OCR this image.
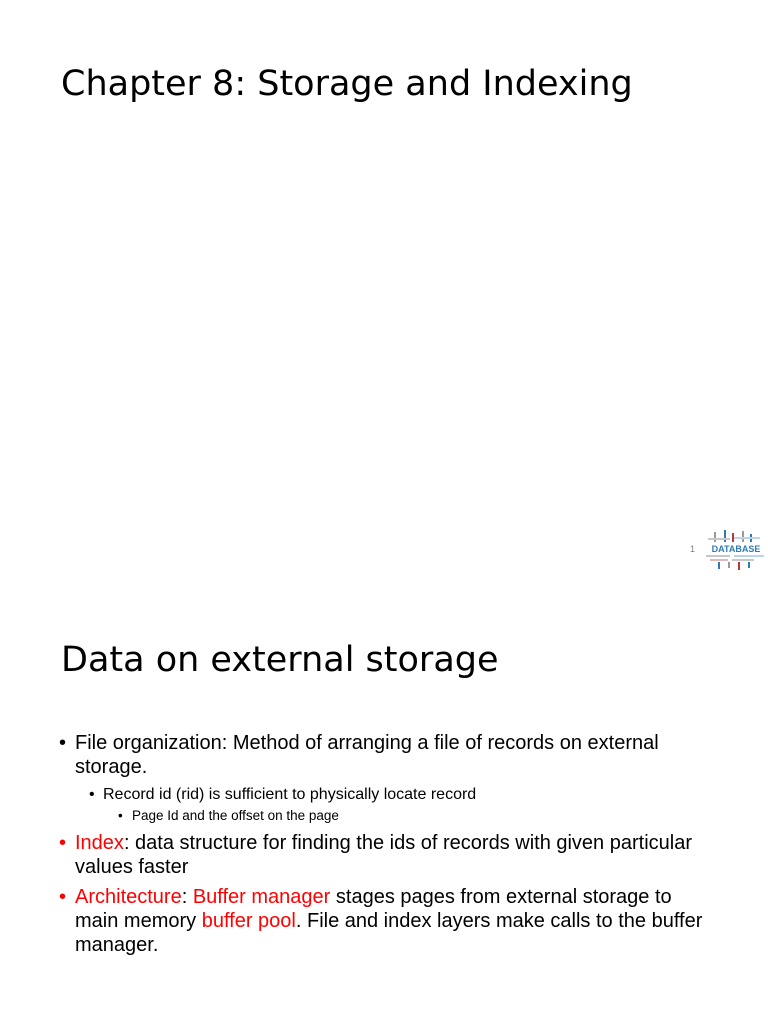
Chapter 8: Storage and Indexing
1 DATABASE
Data on external storage
• File organization: Method of arranging a file of records on external storage.
• Record id (rid) is sufficient to physically locate record
• Page Id and the offset on the page
• Index: data structure for finding the ids of records with given particular values faster
• Architecture: Buffer manager stages pages from external storage to main memory buffer pool. File and index layers make calls to the buffer manager.
